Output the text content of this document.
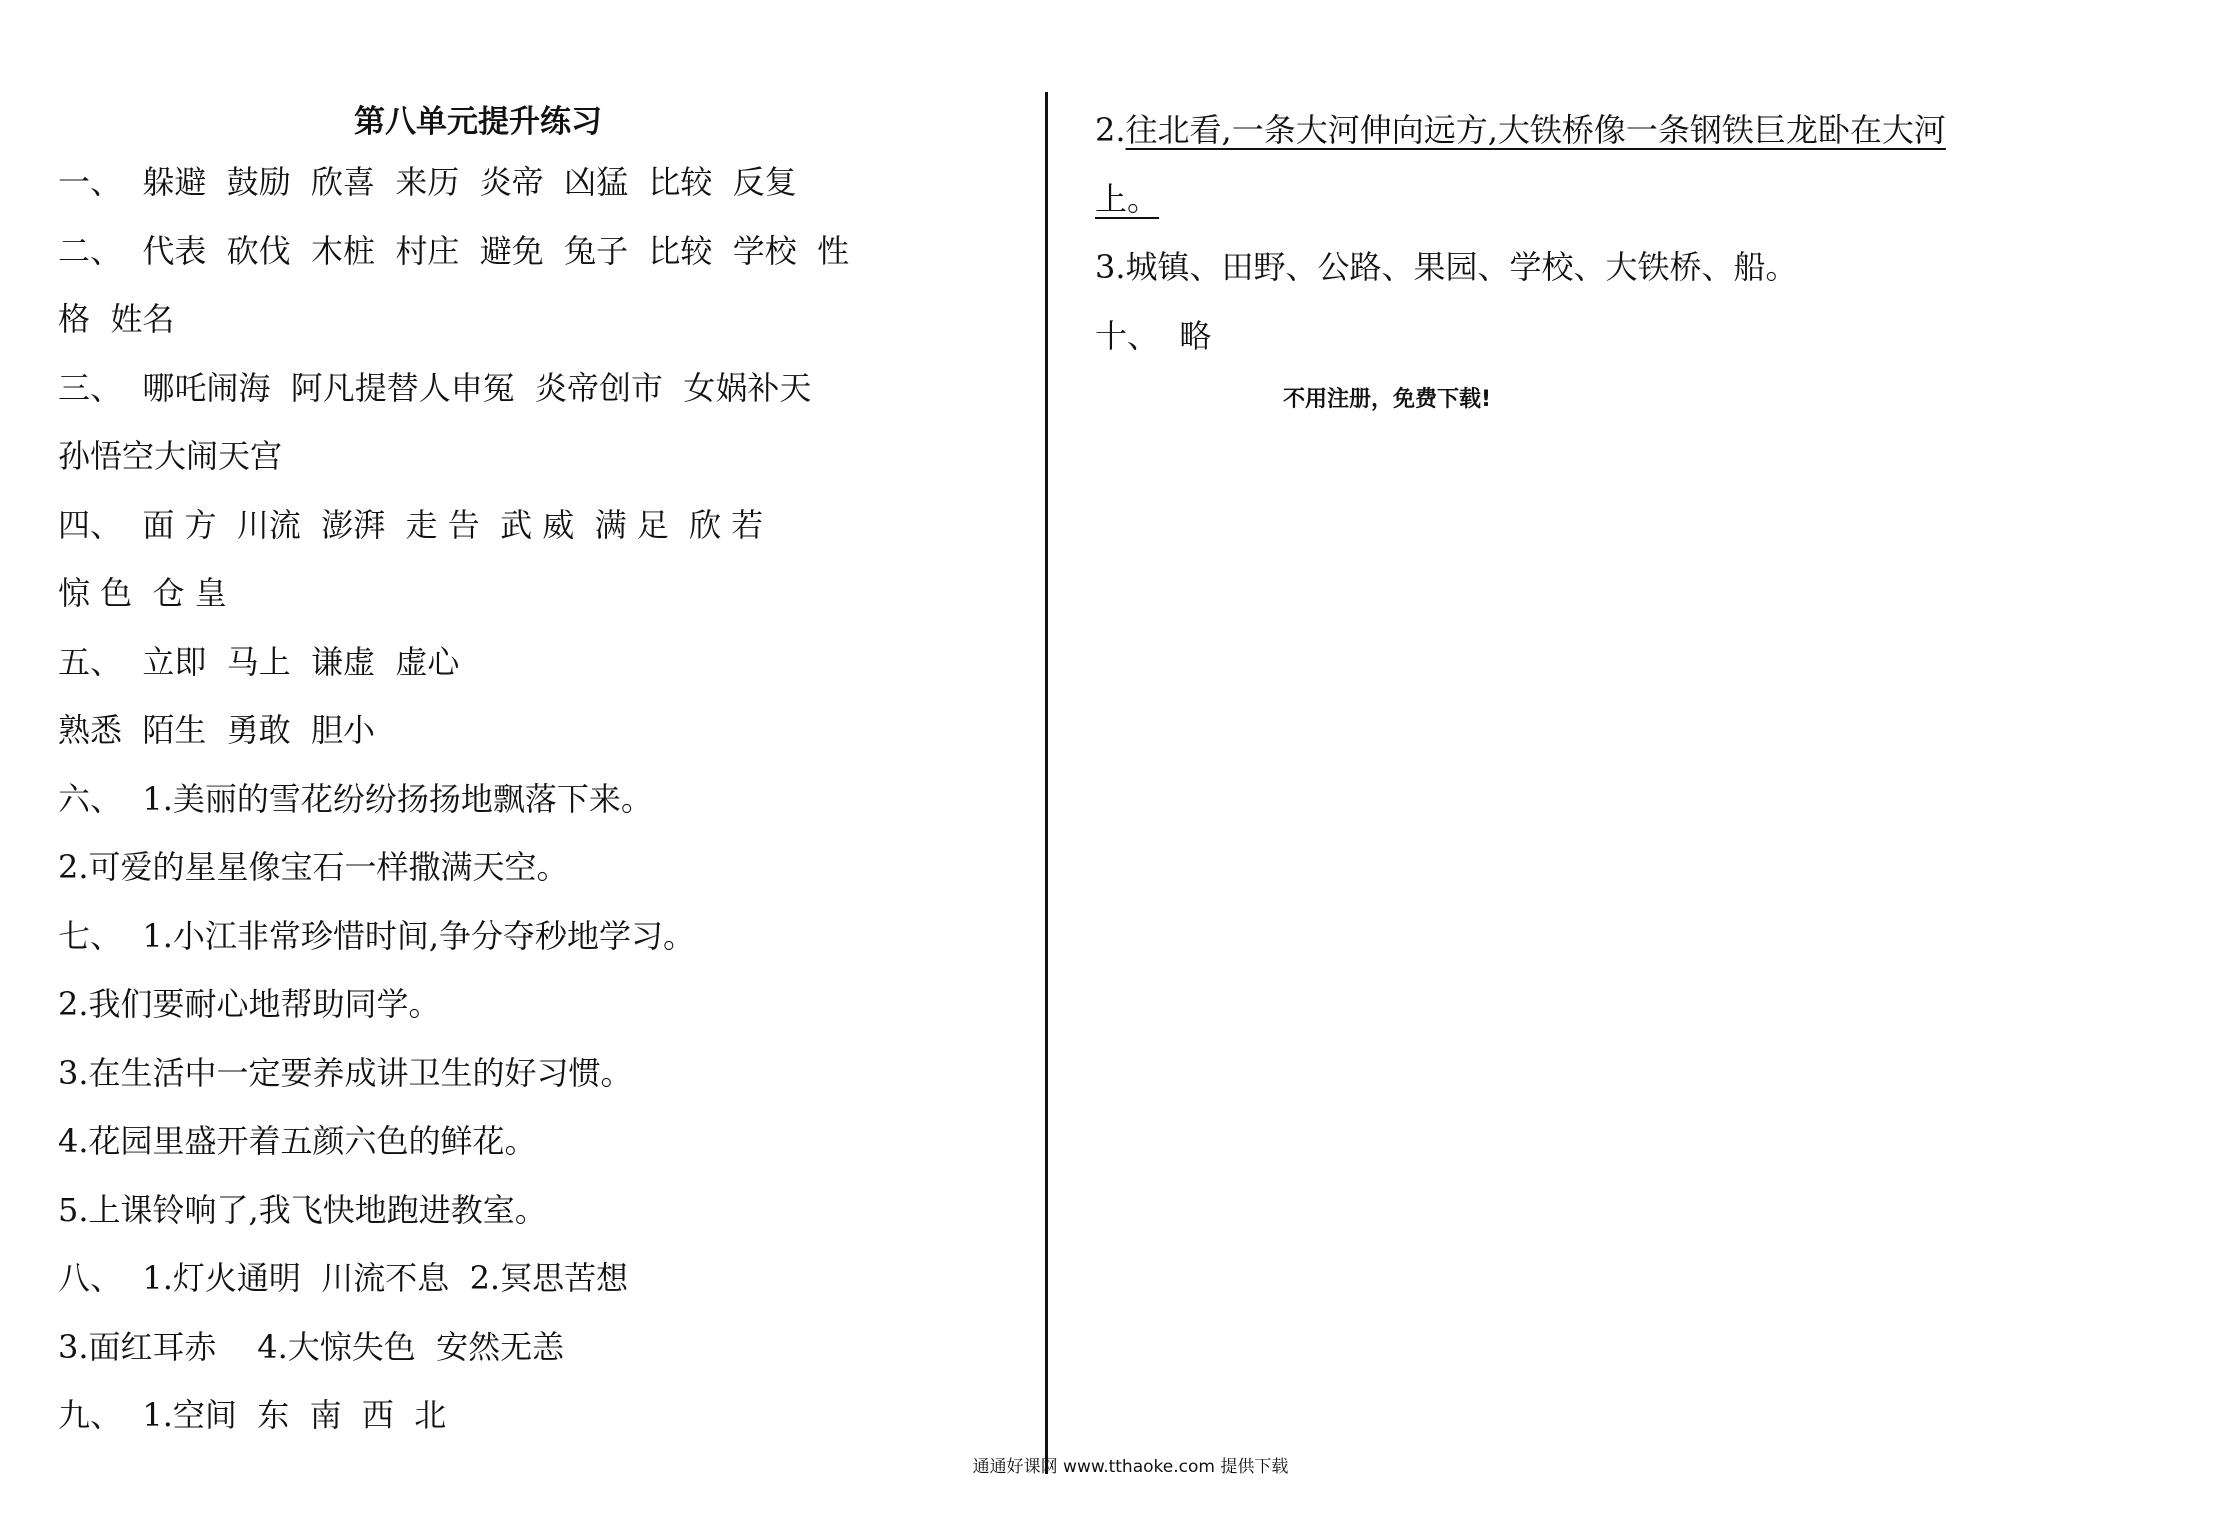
第八单元提升练习
一、  躲避  鼓励  欣喜  来历  炎帝  凶猛  比较  反复
二、  代表  砍伐  木桩  村庄  避免  兔子  比较  学校  性
格  姓名
三、  哪吒闹海  阿凡提替人申冤  炎帝创市  女娲补天
孙悟空大闹天宫
四、  面 方  川流  澎湃  走 告  武 威  满 足  欣 若
惊 色  仓 皇
五、  立即  马上  谦虚  虚心
熟悉  陌生  勇敢  胆小
六、  1.美丽的雪花纷纷扬扬地飘落下来。
2.可爱的星星像宝石一样撒满天空。
七、  1.小江非常珍惜时间,争分夺秒地学习。
2.我们要耐心地帮助同学。
3.在生活中一定要养成讲卫生的好习惯。
4.花园里盛开着五颜六色的鲜花。
5.上课铃响了,我飞快地跑进教室。
八、  1.灯火通明  川流不息  2.冥思苦想
3.面红耳赤    4.大惊失色  安然无恙
九、  1.空间  东  南  西  北
2.往北看,一条大河伸向远方,大铁桥像一条钢铁巨龙卧在大河
上。
3.城镇、田野、公路、果园、学校、大铁桥、船。
十、  略
不用注册，免费下载!
通通好课网 www.tthaoke.com 提供下载
